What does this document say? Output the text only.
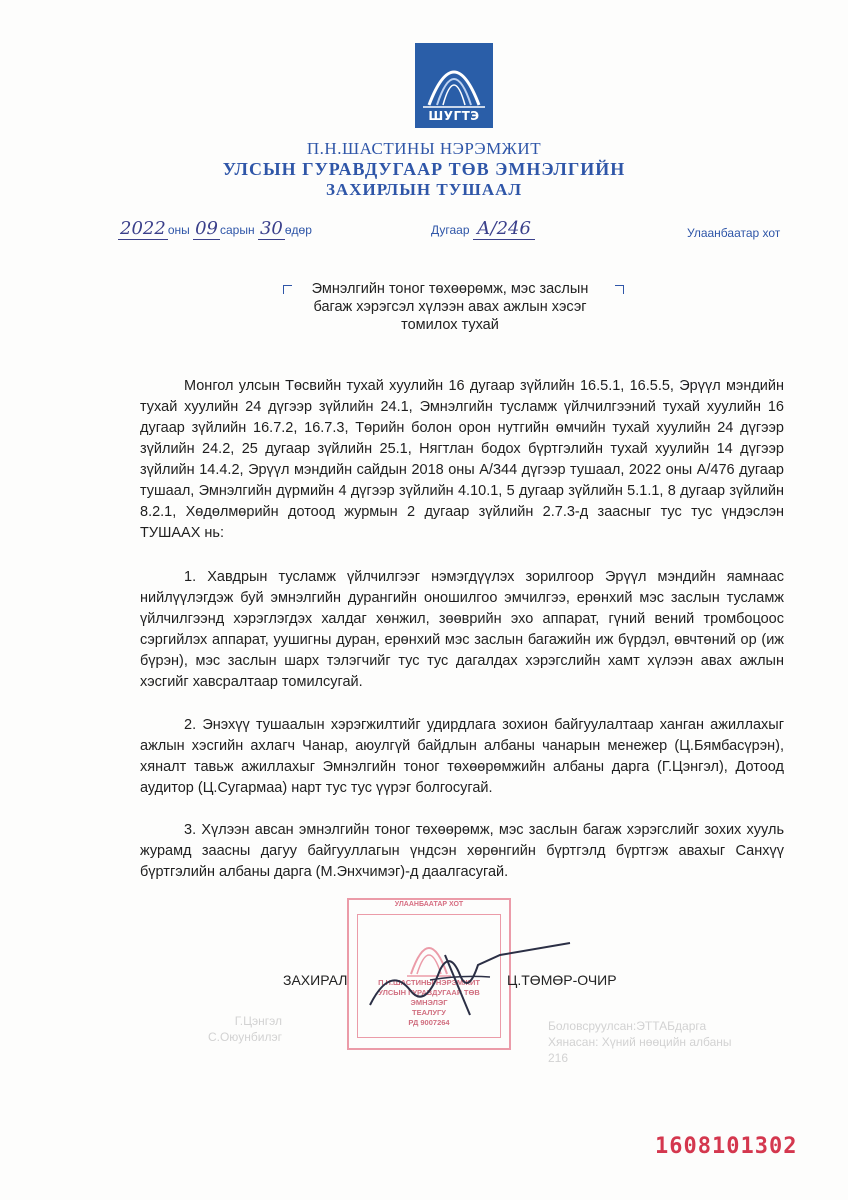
ШУГТЭ
П.Н.ШАСТИНЫ НЭРЭМЖИТ
УЛСЫН ГУРАВДУГААР ТӨВ ЭМНЭЛГИЙН
ЗАХИРЛЫН ТУШААЛ
2022 оны 09 сарын 30 өдөр	Дугаар А/246	Улаанбаатар хот
Эмнэлгийн тоног төхөөрөмж, мэс заслын
багаж хэрэгсэл хүлээн авах ажлын хэсэг
томилох тухай
Монгол улсын Төсвийн тухай хуулийн 16 дугаар зүйлийн 16.5.1, 16.5.5, Эрүүл мэндийн тухай хуулийн 24 дүгээр зүйлийн 24.1, Эмнэлгийн тусламж үйлчилгээний тухай хуулийн 16 дугаар зүйлийн 16.7.2, 16.7.3, Төрийн болон орон нутгийн өмчийн тухай хуулийн 24 дүгээр зүйлийн 24.2, 25 дугаар зүйлийн 25.1, Нягтлан бодох бүртгэлийн тухай хуулийн 14 дүгээр зүйлийн 14.4.2, Эрүүл мэндийн сайдын 2018 оны А/344 дүгээр тушаал, 2022 оны А/476 дугаар тушаал, Эмнэлгийн дүрмийн 4 дүгээр зүйлийн 4.10.1, 5 дугаар зүйлийн 5.1.1, 8 дугаар зүйлийн 8.2.1, Хөдөлмөрийн дотоод журмын 2 дугаар зүйлийн 2.7.3-д заасныг тус тус үндэслэн ТУШААХ нь:
1. Хавдрын тусламж үйлчилгээг нэмэгдүүлэх зорилгоор Эрүүл мэндийн яамнаас нийлүүлэгдэж буй эмнэлгийн дурангийн оношилгоо эмчилгээ, ерөнхий мэс заслын тусламж үйлчилгээнд хэрэглэгдэх халдаг хөнжил, зөөврийн эхо аппарат, гүний вений тромбоцоос сэргийлэх аппарат, уушигны дуран, ерөнхий мэс заслын багажийн иж бүрдэл, өвчтөний ор (иж бүрэн), мэс заслын шарх тэлэгчийг тус тус дагалдах хэрэгслийн хамт хүлээн авах ажлын хэсгийг хавсралтаар томилсугай.
2. Энэхүү тушаалын хэрэгжилтийг удирдлага зохион байгуулалтаар ханган ажиллахыг ажлын хэсгийн ахлагч Чанар, аюулгүй байдлын албаны чанарын менежер (Ц.Бямбасүрэн), хяналт тавьж ажиллахыг Эмнэлгийн тоног төхөөрөмжийн албаны дарга (Г.Цэнгэл), Дотоод аудитор (Ц.Сугармаа) нарт тус тус үүрэг болгосугай.
3. Хүлээн авсан эмнэлгийн тоног төхөөрөмж, мэс заслын багаж хэрэгслийг зохих хууль журамд заасны дагуу байгууллагын үндсэн хөрөнгийн бүртгэлд бүртгэж авахыг Санхүү бүртгэлийн албаны дарга (М.Энхчимэг)-д даалгасугай.
УЛААНБААТАР ХОТ
П.Н.ШАСТИНЫ НЭРЭМЖИТ
УЛСЫН ГУРАВДУГААР ТӨВ
ЭМНЭЛЭГ
ТЕАЛУГУ
РД 9007264
ЗАХИРАЛ	Ц.ТӨМӨР-ОЧИР
Боловсруулсан:ЭТТАБдарга
Хянасан: Хүний нөөцийн албаны
216
Г.Цэнгэл
С.Оюунбилэг
1608101302
